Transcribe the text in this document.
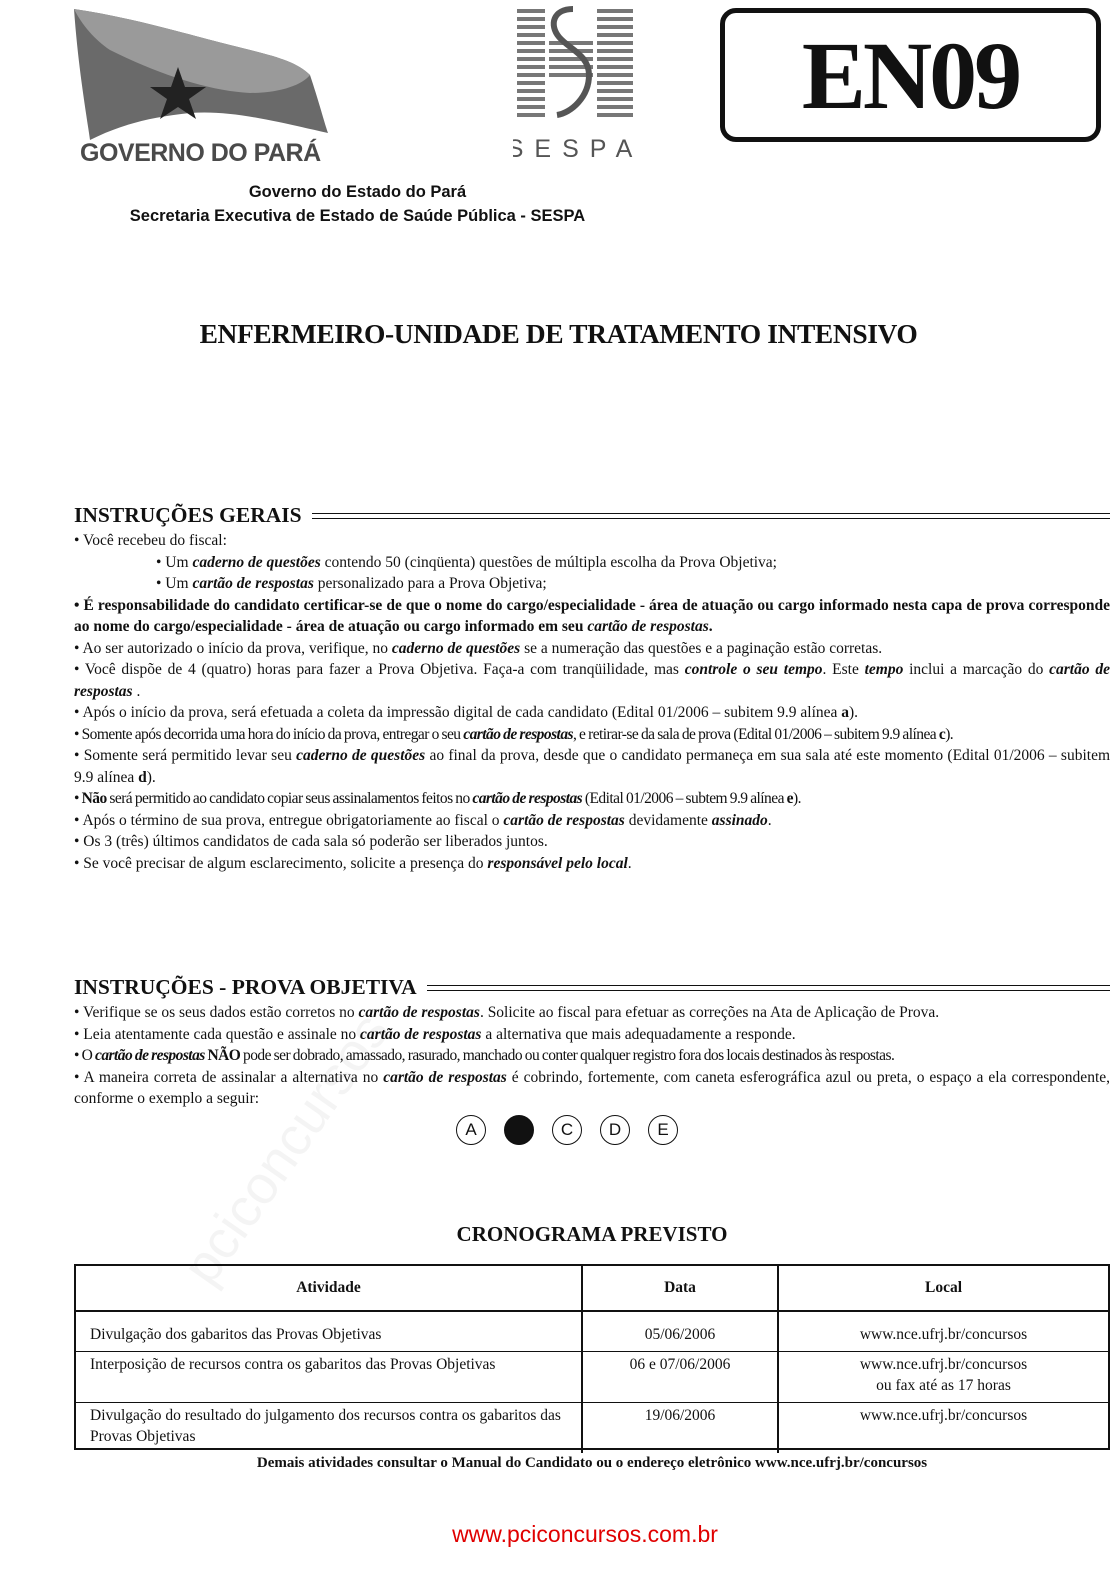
GOVERNO DO PARÁ	SESPA
EN09
Governo do Estado do Pará
Secretaria Executiva de Estado de Saúde Pública - SESPA
ENFERMEIRO-UNIDADE DE TRATAMENTO INTENSIVO
INSTRUÇÕES GERAIS

• Você recebeu do fiscal:

• Um caderno de questões contendo 50 (cinqüenta) questões de múltipla escolha da Prova Objetiva;

• Um cartão de respostas personalizado para a Prova Objetiva;

• É responsabilidade do candidato certificar-se de que o nome do cargo/especialidade - área de atuação ou cargo informado nesta capa de prova corresponde ao nome do cargo/especialidade - área de atuação ou cargo informado em seu cartão de respostas.

• Ao ser autorizado o início da prova, verifique, no caderno de questões se a numeração das questões e a paginação estão corretas.

• Você dispõe de 4 (quatro) horas para fazer a Prova Objetiva. Faça-a com tranqüilidade, mas controle o seu tempo. Este tempo inclui a marcação do cartão de respostas .

• Após o início da prova, será efetuada a coleta da impressão digital de cada candidato (Edital 01/2006 – subitem 9.9 alínea a).

• Somente após decorrida uma hora do início da prova, entregar o seu cartão de respostas, e retirar-se da sala de prova (Edital 01/2006 – subitem 9.9 alínea c).

• Somente será permitido levar seu caderno de questões ao final da prova, desde que o candidato permaneça em sua sala até este momento (Edital 01/2006 – subitem 9.9 alínea d).

• Não será permitido ao candidato copiar seus assinalamentos feitos no cartão de respostas (Edital 01/2006 – subtem 9.9 alínea e).

• Após o término de sua prova, entregue obrigatoriamente ao fiscal o cartão de respostas devidamente assinado.

• Os 3 (três) últimos candidatos de cada sala só poderão ser liberados juntos.

• Se você precisar de algum esclarecimento, solicite a presença do responsável pelo local.

INSTRUÇÕES - PROVA OBJETIVA

• Verifique se os seus dados estão corretos no cartão de respostas. Solicite ao fiscal para efetuar as correções na Ata de Aplicação de Prova.

• Leia atentamente cada questão e assinale no cartão de respostas a alternativa que mais adequadamente a responde.

• O cartão de respostas NÃO pode ser dobrado, amassado, rasurado, manchado ou conter qualquer registro fora dos locais destinados às respostas.

• A maneira correta de assinalar a alternativa no cartão de respostas é cobrindo, fortemente, com caneta esferográfica azul ou preta, o espaço a ela correspondente, conforme o exemplo a seguir:

A	C	D	E
CRONOGRAMA PREVISTO
Atividade	Data	Local
Divulgação dos gabaritos das Provas Objetivas	05/06/2006	www.nce.ufrj.br/concursos
Interposição de recursos contra os gabaritos das Provas Objetivas	06 e 07/06/2006	www.nce.ufrj.br/concursos
ou fax até as 17 horas
Divulgação do resultado do julgamento dos recursos contra os gabaritos das Provas Objetivas	19/06/2006	www.nce.ufrj.br/concursos
Demais atividades consultar o Manual do Candidato ou o endereço eletrônico www.nce.ufrj.br/concursos
www.pciconcursos.com.br
